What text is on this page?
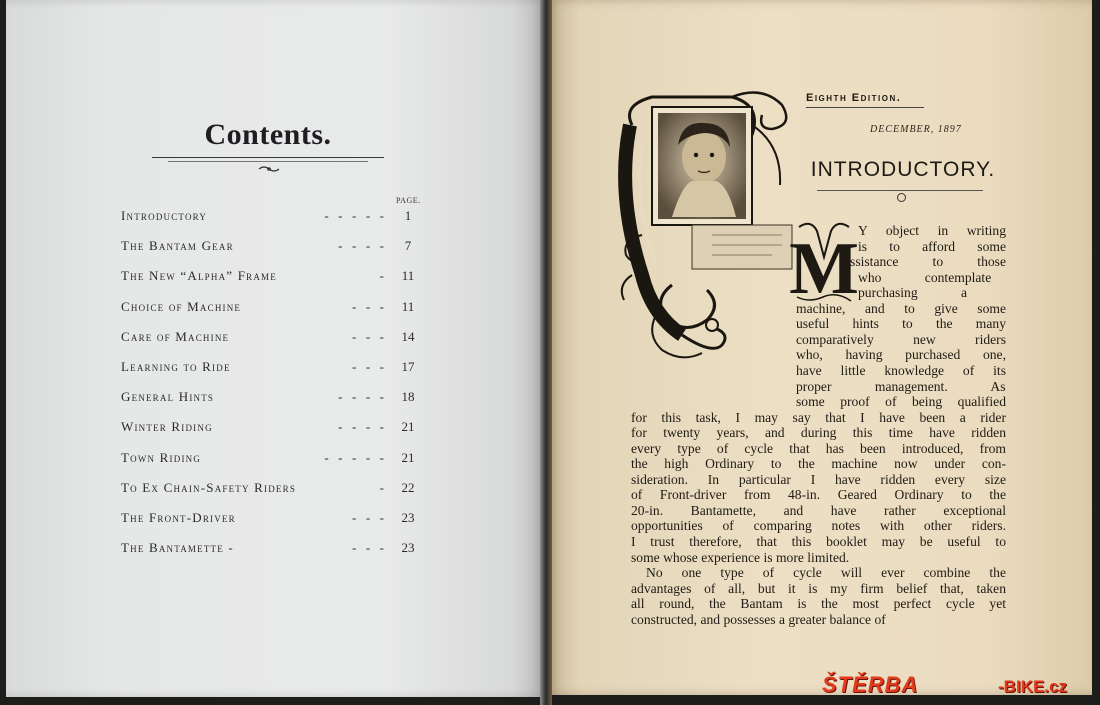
Contents.
PAGE.
Introductory	-  -  -  -  -	1
The Bantam Gear	-  -  -  -	7
The New “Alpha” Frame	-	11
Choice of Machine	-  -  -	11
Care of Machine	-  -  -	14
Learning to Ride	-  -  -	17
General Hints	-  -  -  -	18
Winter Riding	-  -  -  -	21
Town Riding	-  -  -  -  -	21
To Ex Chain-Safety Riders	-	22
The Front-Driver	-  -  -	23
The Bantamette -	-  -  -	23
Eighth Edition.
DECEMBER, 1897
INTRODUCTORY.
M Y object in writing
is to afford some
assistance to those
who contemplate
purchasing a
machine, and to give some
useful hints to the many
comparatively new riders
who, having purchased one,
have little knowledge of its
proper management. As
some proof of being qualified
for this task, I may say that I have been a rider
for twenty years, and during this time have ridden
every type of cycle that has been introduced, from
the high Ordinary to the machine now under con-
sideration. In particular I have ridden every size
of Front-driver from 48-in. Geared Ordinary to the
20-in. Bantamette, and have rather exceptional
opportunities of comparing notes with other riders.
I trust therefore, that this booklet may be useful to
some whose experience is more limited.
No one type of cycle will ever combine the
advantages of all, but it is my firm belief that, taken
all round, the Bantam is the most perfect cycle yet
constructed, and possesses a greater balance of
ŠTĚRBA	-BIKE.cz
